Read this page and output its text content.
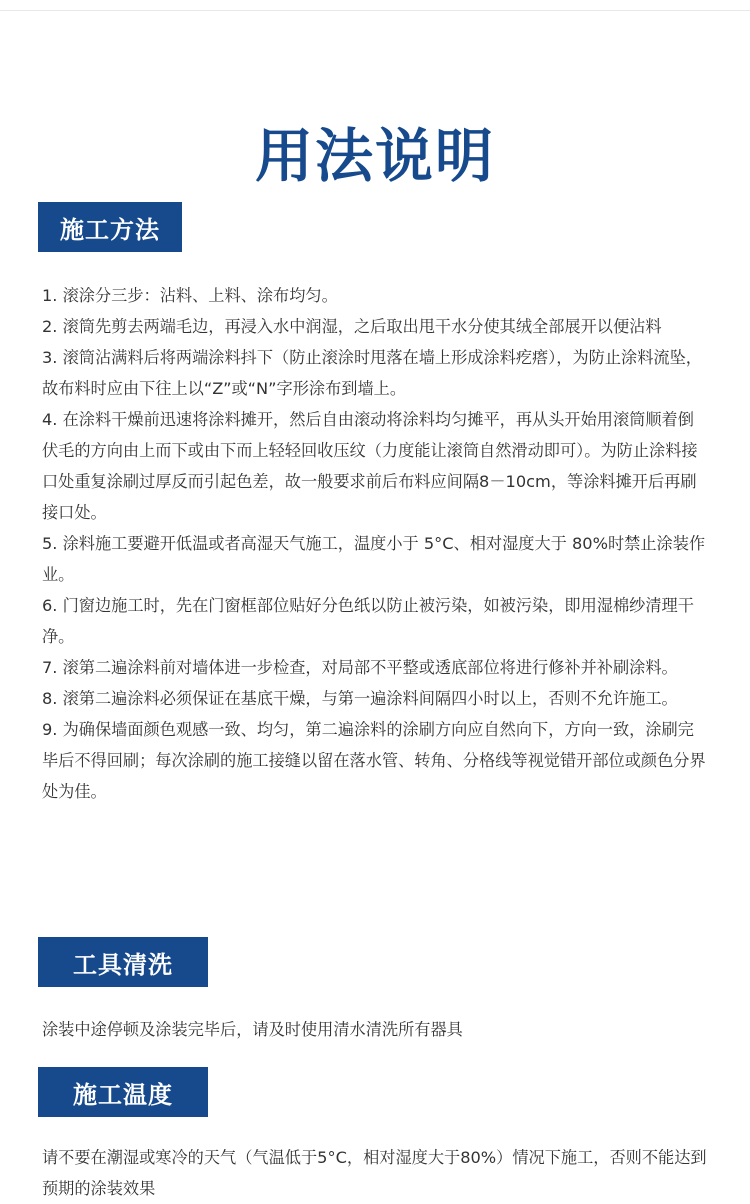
用法说明
施工方法

1. 滚涂分三步：沾料、上料、涂布均匀。

2. 滚筒先剪去两端毛边，再浸入水中润湿，之后取出甩干水分使其绒全部展开以便沾料

3. 滚筒沾满料后将两端涂料抖下（防止滚涂时甩落在墙上形成涂料疙瘩），为防止涂料流坠，故布料时应由下往上以“Z”或“N”字形涂布到墙上。

4. 在涂料干燥前迅速将涂料摊开，然后自由滚动将涂料均匀摊平，再从头开始用滚筒顺着倒伏毛的方向由上而下或由下而上轻轻回收压纹（力度能让滚筒自然滑动即可）。为防止涂料接口处重复涂刷过厚反而引起色差，故一般要求前后布料应间隔8－10cm，等涂料摊开后再刷接口处。

5. 涂料施工要避开低温或者高湿天气施工，温度小于 5°C、相对湿度大于 80%时禁止涂装作业。

6. 门窗边施工时，先在门窗框部位贴好分色纸以防止被污染，如被污染，即用湿棉纱清理干净。

7. 滚第二遍涂料前对墙体进一步检查，对局部不平整或透底部位将进行修补并补刷涂料。

8. 滚第二遍涂料必须保证在基底干燥，与第一遍涂料间隔四小时以上，否则不允许施工。

9. 为确保墙面颜色观感一致、均匀，第二遍涂料的涂刷方向应自然向下，方向一致，涂刷完毕后不得回刷；每次涂刷的施工接缝以留在落水管、转角、分格线等视觉错开部位或颜色分界处为佳。

工具清洗

涂装中途停顿及涂装完毕后，请及时使用清水清洗所有器具

施工温度

请不要在潮湿或寒冷的天气（气温低于5°C，相对湿度大于80%）情况下施工，否则不能达到预期的涂装效果
